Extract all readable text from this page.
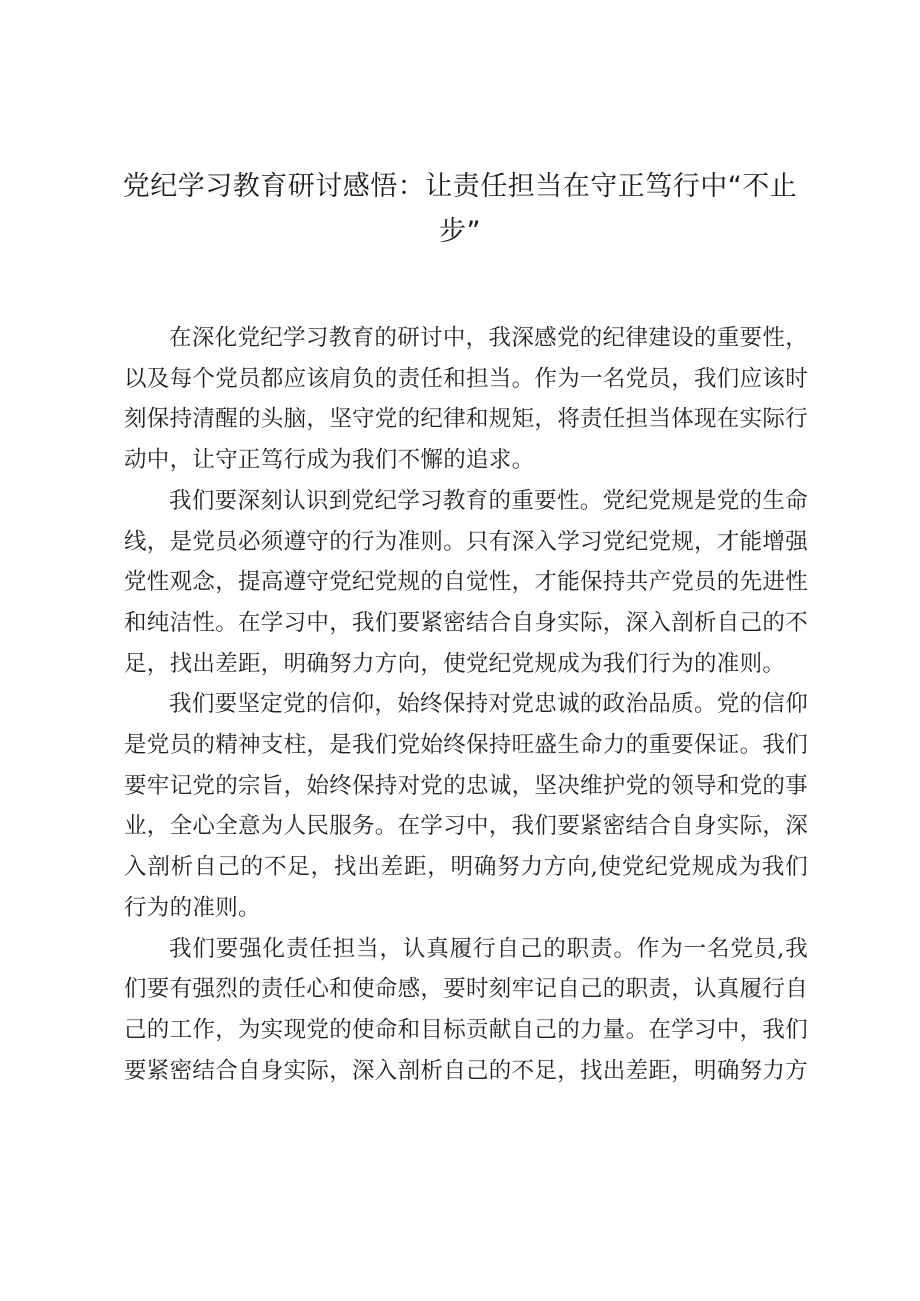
党纪学习教育研讨感悟：让责任担当在守正笃行中“不止步”

在深化党纪学习教育的研讨中，我深感党的纪律建设的重要性，以及每个党员都应该肩负的责任和担当。作为一名党员，我们应该时刻保持清醒的头脑，坚守党的纪律和规矩，将责任担当体现在实际行动中，让守正笃行成为我们不懈的追求。

我们要深刻认识到党纪学习教育的重要性。党纪党规是党的生命线，是党员必须遵守的行为准则。只有深入学习党纪党规，才能增强党性观念，提高遵守党纪党规的自觉性，才能保持共产党员的先进性和纯洁性。在学习中，我们要紧密结合自身实际，深入剖析自己的不足，找出差距，明确努力方向，使党纪党规成为我们行为的准则。

我们要坚定党的信仰，始终保持对党忠诚的政治品质。党的信仰是党员的精神支柱，是我们党始终保持旺盛生命力的重要保证。我们要牢记党的宗旨，始终保持对党的忠诚，坚决维护党的领导和党的事业，全心全意为人民服务。在学习中，我们要紧密结合自身实际，深入剖析自己的不足，找出差距，明确努力方向,使党纪党规成为我们行为的准则。

我们要强化责任担当，认真履行自己的职责。作为一名党员,我们要有强烈的责任心和使命感，要时刻牢记自己的职责，认真履行自己的工作，为实现党的使命和目标贡献自己的力量。在学习中，我们要紧密结合自身实际，深入剖析自己的不足，找出差距，明确努力方
